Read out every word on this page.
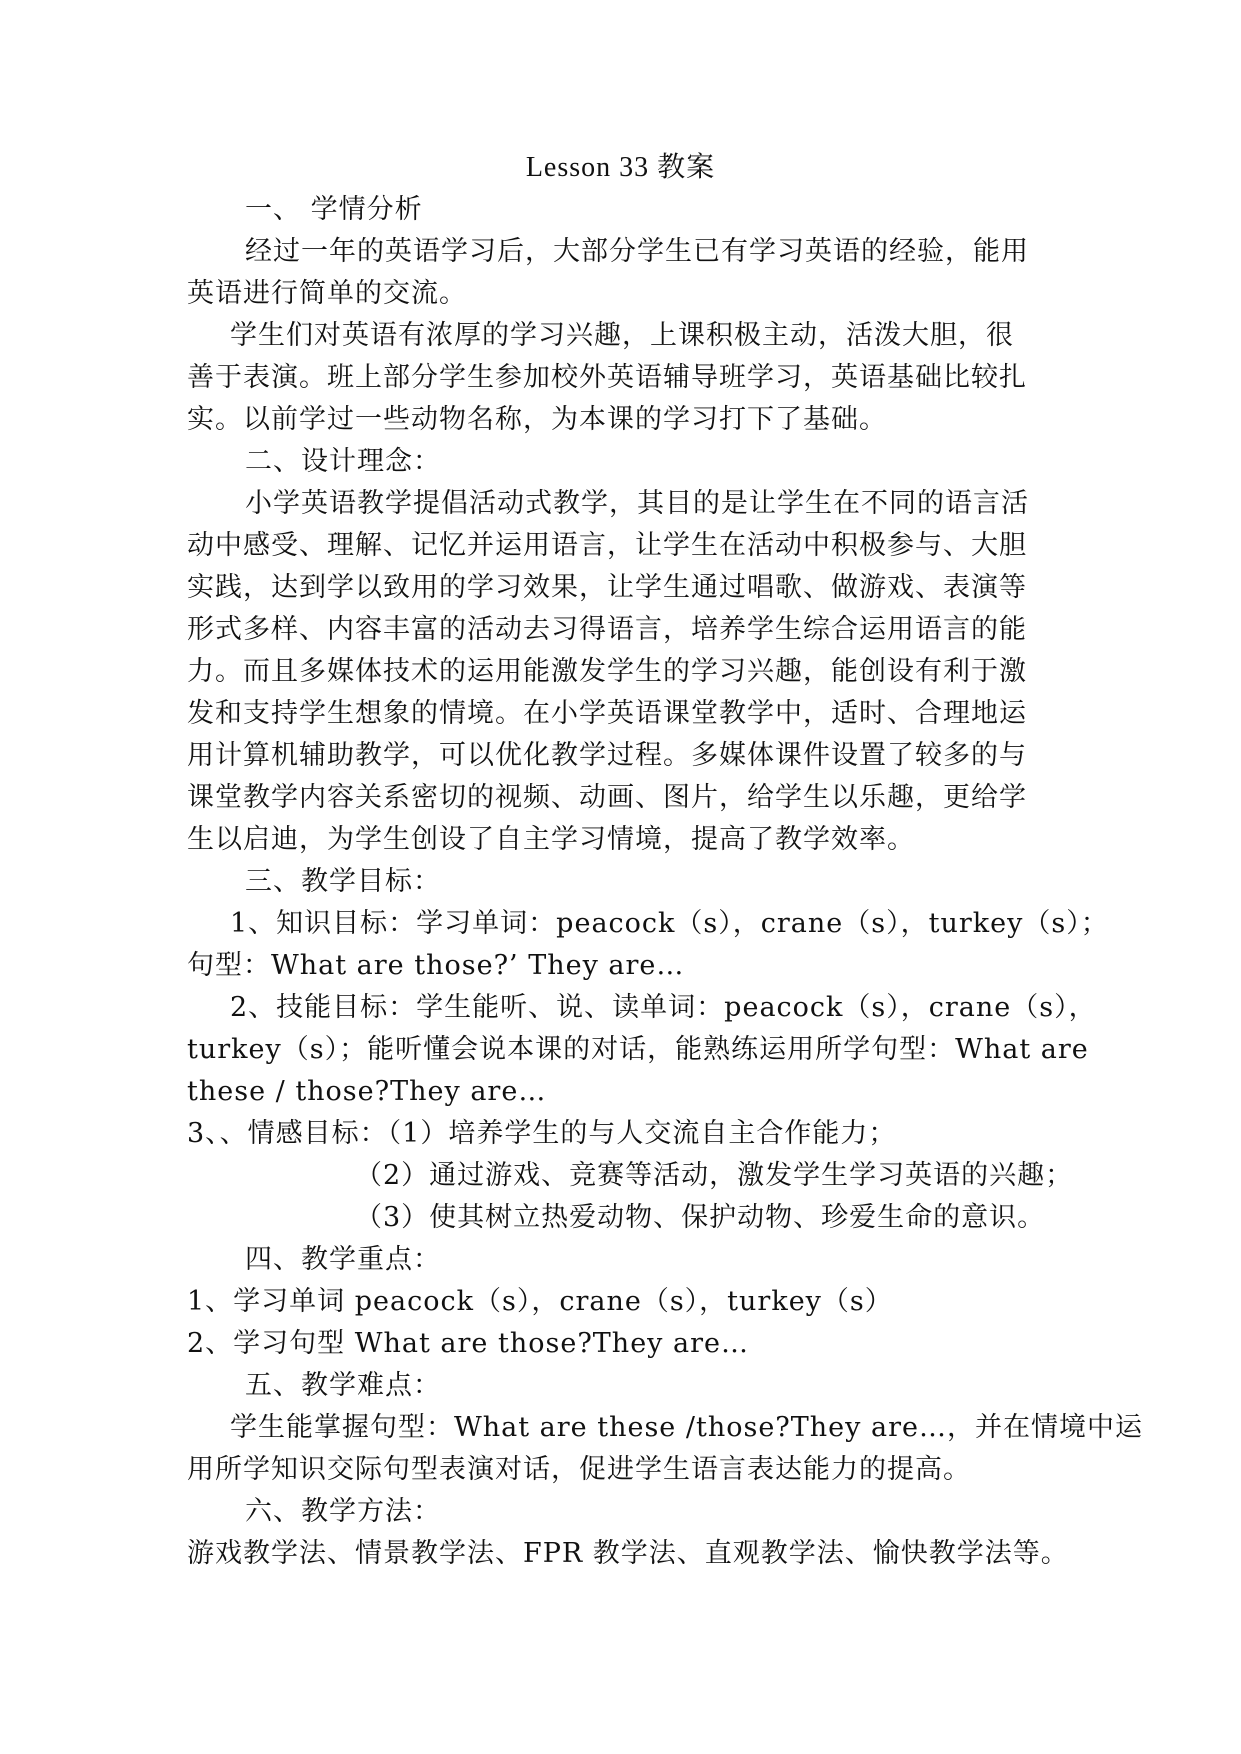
Lesson 33 教案
一、 学情分析
经过一年的英语学习后，大部分学生已有学习英语的经验，能用
英语进行简单的交流。
学生们对英语有浓厚的学习兴趣，上课积极主动，活泼大胆，很
善于表演。班上部分学生参加校外英语辅导班学习，英语基础比较扎
实。以前学过一些动物名称，为本课的学习打下了基础。
二、设计理念：
小学英语教学提倡活动式教学，其目的是让学生在不同的语言活
动中感受、理解、记忆并运用语言，让学生在活动中积极参与、大胆
实践，达到学以致用的学习效果，让学生通过唱歌、做游戏、表演等
形式多样、内容丰富的活动去习得语言，培养学生综合运用语言的能
力。而且多媒体技术的运用能激发学生的学习兴趣，能创设有利于激
发和支持学生想象的情境。在小学英语课堂教学中，适时、合理地运
用计算机辅助教学，可以优化教学过程。多媒体课件设置了较多的与
课堂教学内容关系密切的视频、动画、图片，给学生以乐趣，更给学
生以启迪，为学生创设了自主学习情境，提高了教学效率。
三、教学目标：
1、知识目标：学习单词：peacock（s），crane（s），turkey（s）；
句型：What are those?’ They are…
2、技能目标：学生能听、说、读单词：peacock（s），crane（s），
turkey（s）；能听懂会说本课的对话，能熟练运用所学句型：What are
these / those?They are…
3、、情感目标：（1）培养学生的与人交流自主合作能力；
（2）通过游戏、竞赛等活动，激发学生学习英语的兴趣；
（3）使其树立热爱动物、保护动物、珍爱生命的意识。
四、教学重点：
1、学习单词 peacock（s），crane（s），turkey（s）
2、学习句型 What are those?They are…
五、教学难点：
学生能掌握句型：What are these /those?They are…，并在情境中运
用所学知识交际句型表演对话，促进学生语言表达能力的提高。
六、教学方法：
游戏教学法、情景教学法、FPR 教学法、直观教学法、愉快教学法等。
